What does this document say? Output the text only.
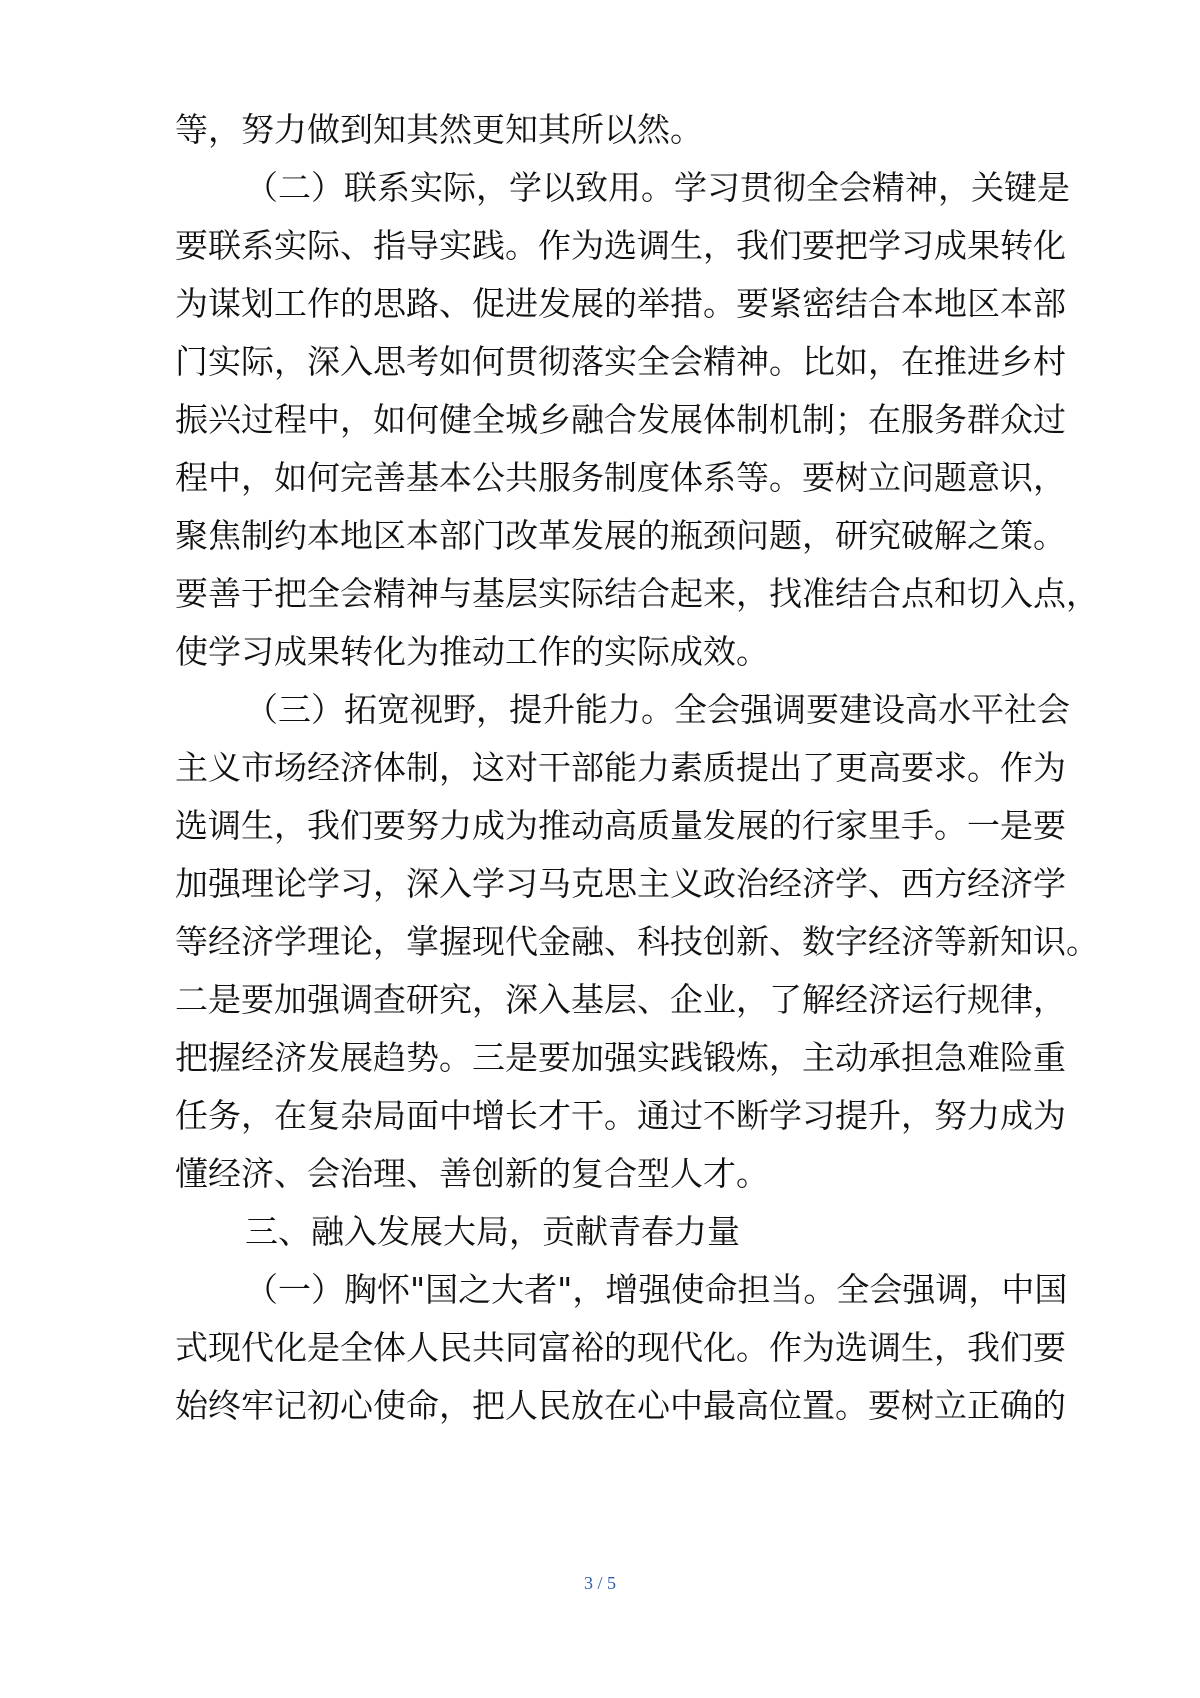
等，努力做到知其然更知其所以然。
（二）联系实际，学以致用。学习贯彻全会精神，关键是
要联系实际、指导实践。作为选调生，我们要把学习成果转化
为谋划工作的思路、促进发展的举措。要紧密结合本地区本部
门实际，深入思考如何贯彻落实全会精神。比如，在推进乡村
振兴过程中，如何健全城乡融合发展体制机制；在服务群众过
程中，如何完善基本公共服务制度体系等。要树立问题意识，
聚焦制约本地区本部门改革发展的瓶颈问题，研究破解之策。
要善于把全会精神与基层实际结合起来，找准结合点和切入点，
使学习成果转化为推动工作的实际成效。
（三）拓宽视野，提升能力。全会强调要建设高水平社会
主义市场经济体制，这对干部能力素质提出了更高要求。作为
选调生，我们要努力成为推动高质量发展的行家里手。一是要
加强理论学习，深入学习马克思主义政治经济学、西方经济学
等经济学理论，掌握现代金融、科技创新、数字经济等新知识。
二是要加强调查研究，深入基层、企业，了解经济运行规律，
把握经济发展趋势。三是要加强实践锻炼，主动承担急难险重
任务，在复杂局面中增长才干。通过不断学习提升，努力成为
懂经济、会治理、善创新的复合型人才。
三、融入发展大局，贡献青春力量
（一）胸怀"国之大者"，增强使命担当。全会强调，中国
式现代化是全体人民共同富裕的现代化。作为选调生，我们要
始终牢记初心使命，把人民放在心中最高位置。要树立正确的
3 / 5
